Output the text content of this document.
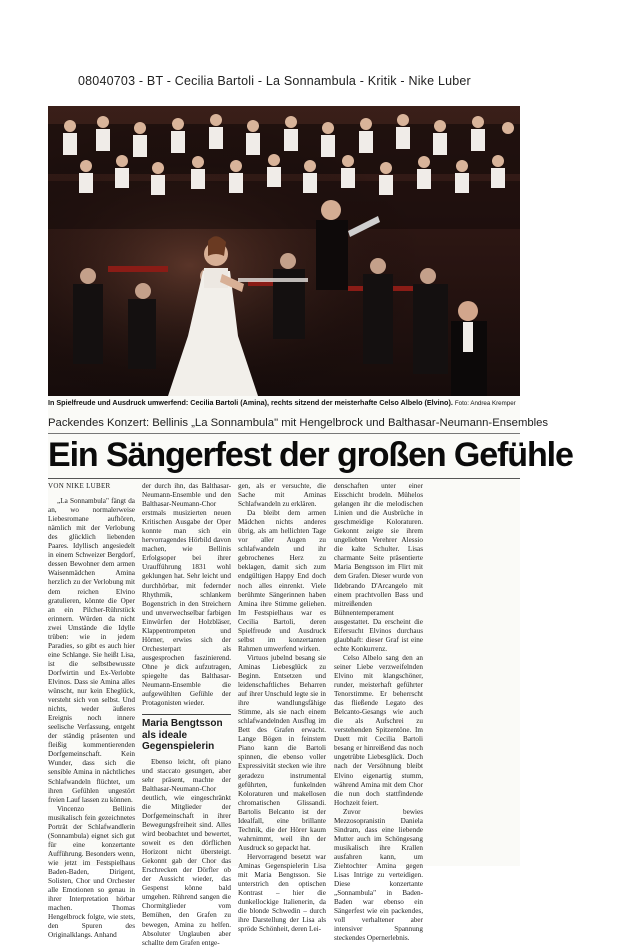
08040703 - BT - Cecilia Bartoli - La Sonnambula - Kritik - Nike Luber
In Spielfreude und Ausdruck umwerfend: Cecilia Bartoli (Amina), rechts sitzend der meisterhafte Celso Albelo (Elvino). Foto: Andrea Kremper
Packendes Konzert: Bellinis „La Sonnambula" mit Hengelbrock und Balthasar-Neumann-Ensembles
Ein Sängerfest der großen Gefühle
VON NIKE LUBER

„La Sonnambula" fängt da an, wo normalerweise Liebesromane aufhören, nämlich mit der Verlobung des glücklich liebenden Paares. Idyllisch angesiedelt in einem Schweizer Bergdorf, dessen Bewohner dem armen Waisenmädchen Amina herzlich zu der Verlobung mit dem reichen Elvino gratulieren, könnte die Oper an ein Pilcher-Rührstück erinnern. Würden da nicht zwei Umstände die Idylle trüben: wie in jedem Paradies, so gibt es auch hier eine Schlange. Sie heißt Lisa, ist die selbstbewusste Dorfwirtin und Ex-Verlobte Elvinos. Dass sie Amina alles wünscht, nur kein Eheglück, versteht sich von selbst. Und nichts, weder äußeres Ereignis noch innere seelische Verfassung, entgeht der ständig präsenten und fleißig kommentierenden Dorfgemeinschaft. Kein Wunder, dass sich die sensible Amina in nächtliches Schlafwandeln flüchtet, um ihren Gefühlen ungestört freien Lauf lassen zu können.

Vincenzo Bellinis musikalisch fein gezeichnetes Porträt der Schlafwandlerin (Sonnambula) eignet sich gut für eine konzertante Aufführung. Besonders wenn, wie jetzt im Festspielhaus Baden-Baden, Dirigent, Solisten, Chor und Orchester alle Emotionen so genau in ihrer Interpretation hörbar machen. Thomas Hengelbrock folgte, wie stets, den Spuren des Originalklangs. Anhand

der durch ihn, das Balthasar-Neumann-Ensemble und den Balthasar-Neumann-Chor erstmals musizierten neuen Kritischen Ausgabe der Oper konnte man sich ein hervorragendes Hörbild davon machen, wie Bellinis Erfolgsoper bei ihrer Uraufführung 1831 wohl geklungen hat. Sehr leicht und durchhörbar, mit federnder Rhythmik, schlankem Bogenstrich in den Streichern und unverwechselbar farbigen Einwürfen der Holzbläser, Klappentrompeten und Hörner, erwies sich der Orchesterpart als ausgesprochen faszinierend. Ohne je dick aufzutragen, spiegelte das Balthasar-Neumann-Ensemble die aufgewühlten Gefühle der Protagonisten wieder.

Maria Bengtsson als ideale Gegenspielerin

Ebenso leicht, oft piano und staccato gesungen, aber sehr präsent, machte der Balthasar-Neumann-Chor deutlich, wie eingeschränkt die Mitglieder der Dorfgemeinschaft in ihrer Bewegungsfreiheit sind. Alles wird beobachtet und bewertet, soweit es den dörflichen Horizont nicht übersteigt. Gekonnt gab der Chor das Erschrecken der Dörfler ob der Aussicht wieder, das Gespenst könne bald umgehen. Rührend sangen die Chormitglieder vom Bemühen, den Grafen zu bewegen, Amina zu helfen. Absoluter Unglauben aber schallte dem Grafen entge-

gen, als er versuchte, die Sache mit Aminas Schlafwandeln zu erklären.

Da bleibt dem armen Mädchen nichts anderes übrig, als am hellichten Tage vor aller Augen zu schlafwandeln und ihr gebrochenes Herz zu beklagen, damit sich zum endgültigen Happy End doch noch alles einrenkt. Viele berühmte Sängerinnen haben Amina ihre Stimme geliehen. Im Festspielhaus war es Cecilia Bartoli, deren Spielfreude und Ausdruck selbst im konzertanten Rahmen umwerfend wirken.

Virtuos jubelnd besang sie Aminas Liebesglück zu Beginn. Entsetzen und leidenschaftliches Beharren auf ihrer Unschuld legte sie in ihre wandlungsfähige Stimme, als sie nach einem schlafwandelnden Ausflug im Bett des Grafen erwacht. Lange Bögen in feinstem Piano kann die Bartoli spinnen, die ebenso voller Expressivität stecken wie ihre geradezu instrumental geführten, funkelnden Koloraturen und makellosen chromatischen Glissandi. Bartolis Belcanto ist der Idealfall, eine brillante Technik, die der Hörer kaum wahrnimmt, weil ihn der Ausdruck so gepackt hat.

Hervorragend besetzt war Aminas Gegenspielerin Lisa mit Maria Bengtsson. Sie unterstrich den optischen Kontrast – hier die dunkellockige Italienerin, da die blonde Schwedin – durch ihre Darstellung der Lisa als spröde Schönheit, deren Lei-

denschaften unter einer Eisschicht brodeln. Mühelos gelangen ihr die melodischen Linien und die Ausbrüche in geschmeidige Koloraturen. Gekonnt zeigte sie ihrem ungeliebten Verehrer Alessio die kalte Schulter. Lisas charmante Seite präsentierte Maria Bengtsson im Flirt mit dem Grafen. Dieser wurde von Ildebrando D'Arcangelo mit einem prachtvollen Bass und mitreißenden Bühnentemperament ausgestattet. Da erscheint die Eifersucht Elvinos durchaus glaubhaft: dieser Graf ist eine echte Konkurrenz.

Celso Albelo sang den an seiner Liebe verzweifelnden Elvino mit klangschöner, runder, meisterhaft geführter Tenorstimme. Er beherrscht das fließende Legato des Belcanto-Gesangs wie auch die als Aufschrei zu verstehenden Spitzentöne. Im Duett mit Cecilia Bartoli besang er hinreißend das noch ungetrübte Liebesglück. Doch nach der Versöhnung bleibt Elvino eigenartig stumm, während Amina mit dem Chor die nun doch stattfindende Hochzeit feiert.

Zuvor bewies Mezzosopranistin Daniela Sindram, dass eine liebende Mutter auch im Schöngesang musikalisch ihre Krallen ausfahren kann, um Ziehtochter Amina gegen Lisas Intrige zu verteidigen. Diese konzertante „Sonnambula" in Baden-Baden war ebenso ein Sängerfest wie ein packendes, voll verhaltener aber intensiver Spannung steckendes Opernerlebnis.
